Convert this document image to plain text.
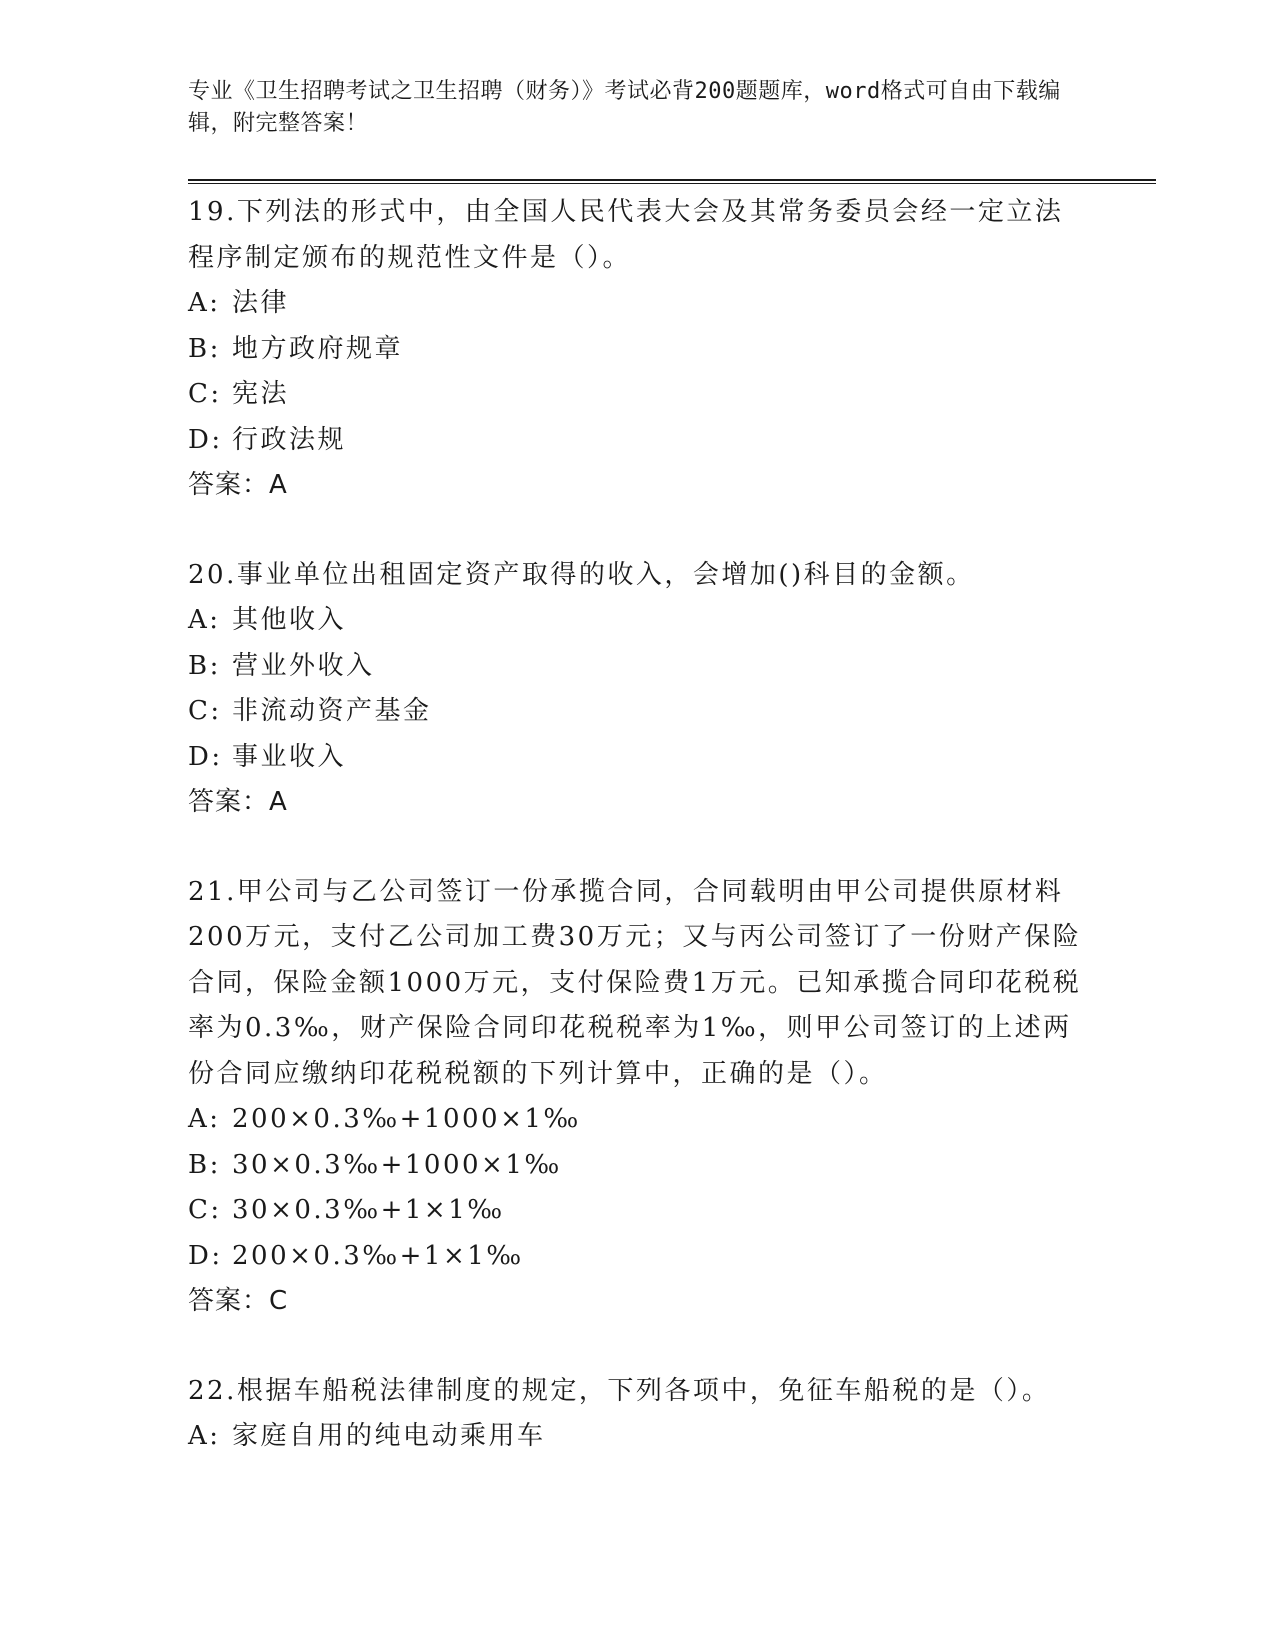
专业《卫生招聘考试之卫生招聘（财务）》考试必背200题题库，word格式可自由下载编辑，附完整答案！

19.下列法的形式中，由全国人民代表大会及其常务委员会经一定立法程序制定颁布的规范性文件是（）。

A: 法律
B: 地方政府规章
C: 宪法
D: 行政法规

答案：A

20.事业单位出租固定资产取得的收入，会增加()科目的金额。

A: 其他收入
B: 营业外收入
C: 非流动资产基金
D: 事业收入

答案：A

21.甲公司与乙公司签订一份承揽合同，合同载明由甲公司提供原材料200万元，支付乙公司加工费30万元；又与丙公司签订了一份财产保险合同，保险金额1000万元，支付保险费1万元。已知承揽合同印花税税率为0.3‰，财产保险合同印花税税率为1‰，则甲公司签订的上述两份合同应缴纳印花税税额的下列计算中，正确的是（）。

A: 200×0.3‰+1000×1‰
B: 30×0.3‰+1000×1‰
C: 30×0.3‰+1×1‰
D: 200×0.3‰+1×1‰

答案：C

22.根据车船税法律制度的规定，下列各项中，免征车船税的是（）。

A: 家庭自用的纯电动乘用车
